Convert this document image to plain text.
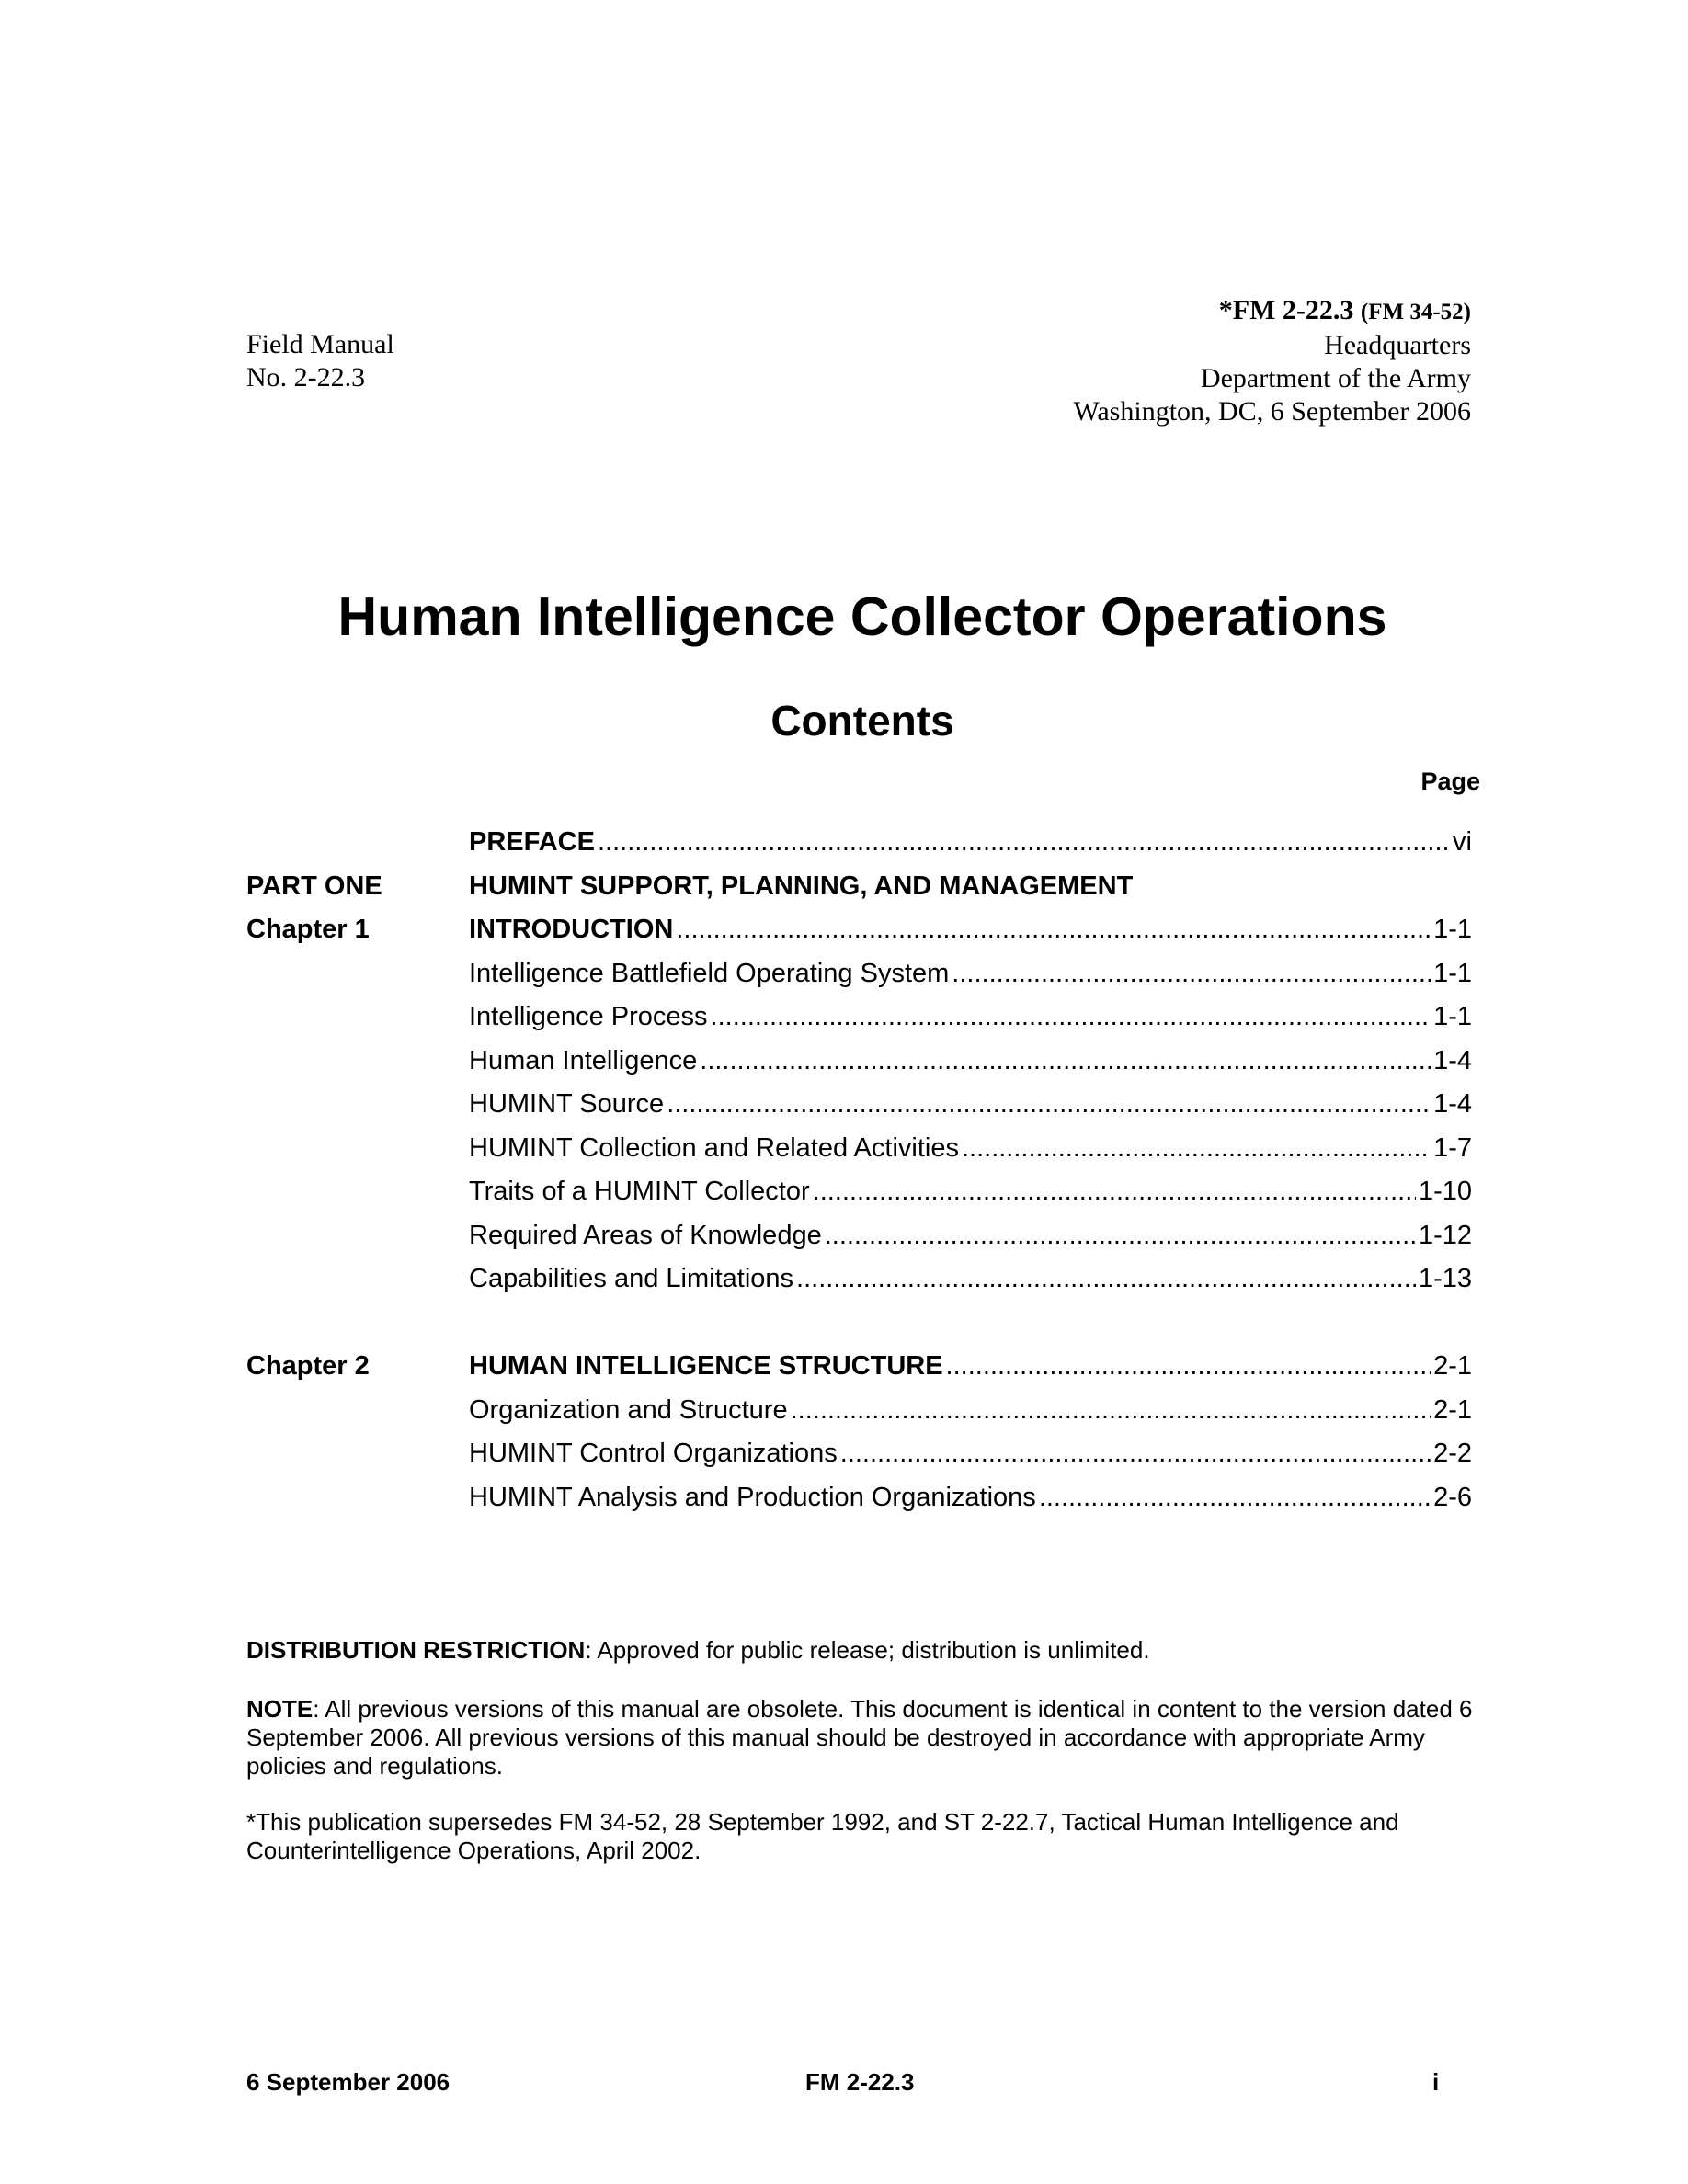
Field Manual
No. 2-22.3
*FM 2-22.3 (FM 34-52)
Headquarters
Department of the Army
Washington, DC, 6 September 2006
Human Intelligence Collector Operations
Contents
Page
PREFACE .....	vi
PART ONE	HUMINT SUPPORT, PLANNING, AND MANAGEMENT
Chapter 1	INTRODUCTION .....	1-1
Intelligence Battlefield Operating System .....	1-1
Intelligence Process .....	1-1
Human Intelligence .....	1-4
HUMINT Source .....	1-4
HUMINT Collection and Related Activities .....	1-7
Traits of a HUMINT Collector .....	1-10
Required Areas of Knowledge .....	1-12
Capabilities and Limitations .....	1-13
Chapter 2	HUMAN INTELLIGENCE STRUCTURE .....	2-1
Organization and Structure .....	2-1
HUMINT Control Organizations .....	2-2
HUMINT Analysis and Production Organizations .....	2-6
DISTRIBUTION RESTRICTION: Approved for public release; distribution is unlimited.
NOTE: All previous versions of this manual are obsolete. This document is identical in content to the version dated 6 September 2006. All previous versions of this manual should be destroyed in accordance with appropriate Army policies and regulations.
*This publication supersedes FM 34-52, 28 September 1992, and ST 2-22.7, Tactical Human Intelligence and Counterintelligence Operations, April 2002.
6 September 2006	FM 2-22.3	i
